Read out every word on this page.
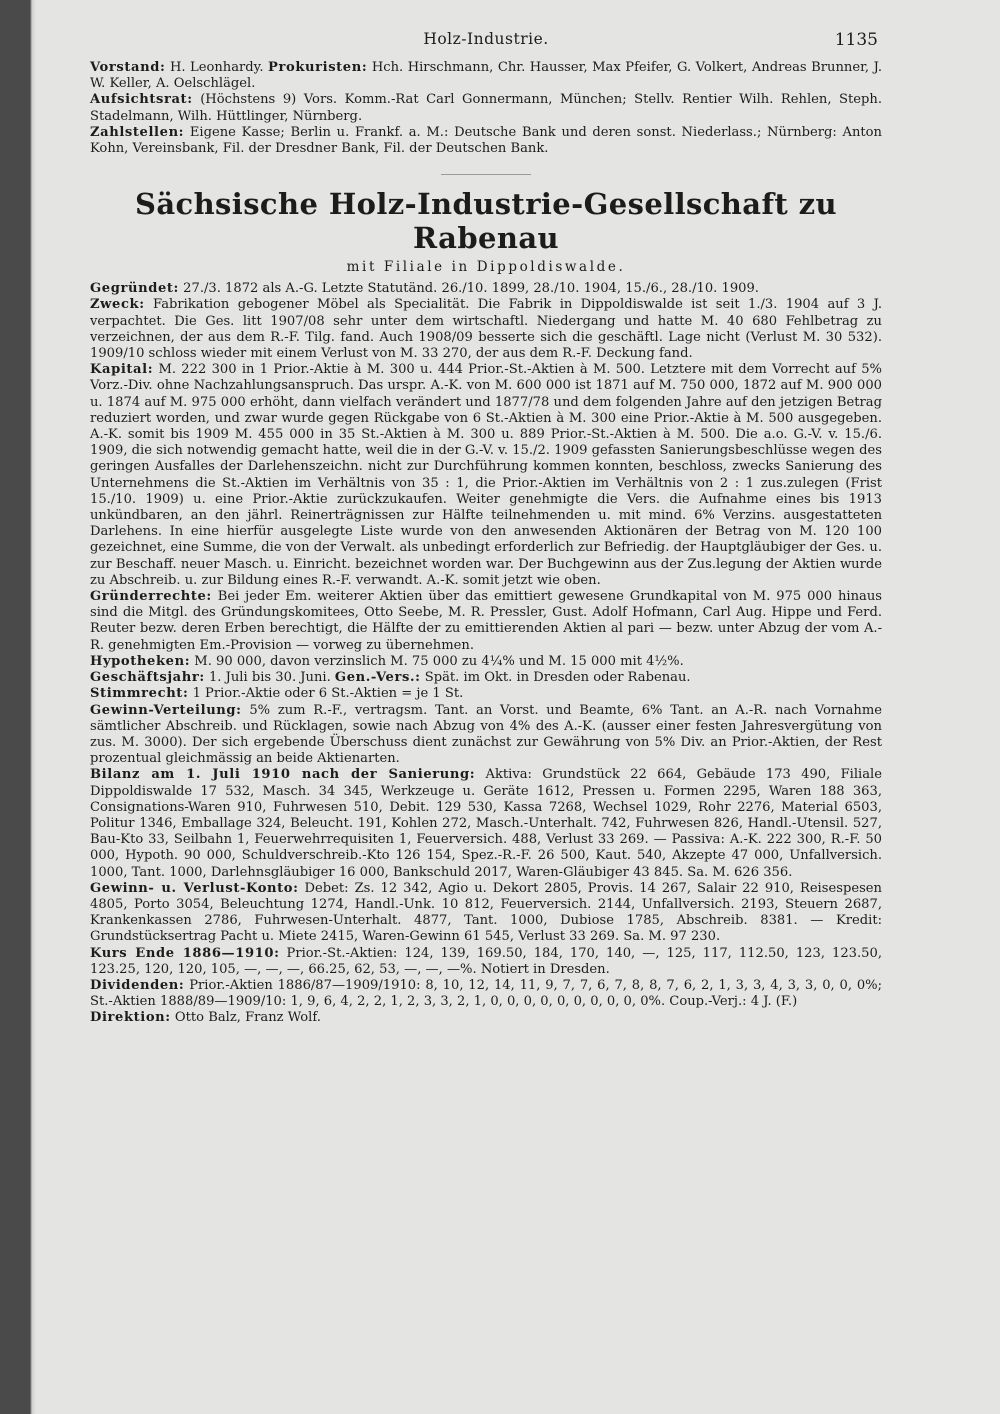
Holz-Industrie.	1135

Vorstand: H. Leonhardy. Prokuristen: Hch. Hirschmann, Chr. Hausser, Max Pfeifer, G. Volkert, Andreas Brunner, J. W. Keller, A. Oelschlägel.

Aufsichtsrat: (Höchstens 9) Vors. Komm.-Rat Carl Gonnermann, München; Stellv. Rentier Wilh. Rehlen, Steph. Stadelmann, Wilh. Hüttlinger, Nürnberg.

Zahlstellen: Eigene Kasse; Berlin u. Frankf. a. M.: Deutsche Bank und deren sonst. Niederlass.; Nürnberg: Anton Kohn, Vereinsbank, Fil. der Dresdner Bank, Fil. der Deutschen Bank.

Sächsische Holz-Industrie-Gesellschaft zu Rabenau
mit Filiale in Dippoldiswalde.

Gegründet: 27./3. 1872 als A.-G. Letzte Statutänd. 26./10. 1899, 28./10. 1904, 15./6., 28./10. 1909.

Zweck: Fabrikation gebogener Möbel als Specialität. Die Fabrik in Dippoldiswalde ist seit 1./3. 1904 auf 3 J. verpachtet. Die Ges. litt 1907/08 sehr unter dem wirtschaftl. Niedergang und hatte M. 40 680 Fehlbetrag zu verzeichnen, der aus dem R.-F. Tilg. fand. Auch 1908/09 besserte sich die geschäftl. Lage nicht (Verlust M. 30 532). 1909/10 schloss wieder mit einem Verlust von M. 33 270, der aus dem R.-F. Deckung fand.

Kapital: M. 222 300 in 1 Prior.-Aktie à M. 300 u. 444 Prior.-St.-Aktien à M. 500. Letztere mit dem Vorrecht auf 5% Vorz.-Div. ohne Nachzahlungsanspruch. Das urspr. A.-K. von M. 600 000 ist 1871 auf M. 750 000, 1872 auf M. 900 000 u. 1874 auf M. 975 000 erhöht, dann vielfach verändert und 1877/78 und dem folgenden Jahre auf den jetzigen Betrag reduziert worden, und zwar wurde gegen Rückgabe von 6 St.-Aktien à M. 300 eine Prior.-Aktie à M. 500 ausgegeben. A.-K. somit bis 1909 M. 455 000 in 35 St.-Aktien à M. 300 u. 889 Prior.-St.-Aktien à M. 500. Die a.o. G.-V. v. 15./6. 1909, die sich notwendig gemacht hatte, weil die in der G.-V. v. 15./2. 1909 gefassten Sanierungsbeschlüsse wegen des geringen Ausfalles der Darlehenszeichn. nicht zur Durchführung kommen konnten, beschloss, zwecks Sanierung des Unternehmens die St.-Aktien im Verhältnis von 35 : 1, die Prior.-Aktien im Verhältnis von 2 : 1 zus.zulegen (Frist 15./10. 1909) u. eine Prior.-Aktie zurückzukaufen. Weiter genehmigte die Vers. die Aufnahme eines bis 1913 unkündbaren, an den jährl. Reinerträgnissen zur Hälfte teilnehmenden u. mit mind. 6% Verzins. ausgestatteten Darlehens. In eine hierfür ausgelegte Liste wurde von den anwesenden Aktionären der Betrag von M. 120 100 gezeichnet, eine Summe, die von der Verwalt. als unbedingt erforderlich zur Befriedig. der Hauptgläubiger der Ges. u. zur Beschaff. neuer Masch. u. Einricht. bezeichnet worden war. Der Buchgewinn aus der Zus.legung der Aktien wurde zu Abschreib. u. zur Bildung eines R.-F. verwandt. A.-K. somit jetzt wie oben.

Gründerrechte: Bei jeder Em. weiterer Aktien über das emittiert gewesene Grundkapital von M. 975 000 hinaus sind die Mitgl. des Gründungskomitees, Otto Seebe, M. R. Pressler, Gust. Adolf Hofmann, Carl Aug. Hippe und Ferd. Reuter bezw. deren Erben berechtigt, die Hälfte der zu emittierenden Aktien al pari — bezw. unter Abzug der vom A.-R. genehmigten Em.-Provision — vorweg zu übernehmen.

Hypotheken: M. 90 000, davon verzinslich M. 75 000 zu 4¼% und M. 15 000 mit 4½%.

Geschäftsjahr: 1. Juli bis 30. Juni. Gen.-Vers.: Spät. im Okt. in Dresden oder Rabenau.

Stimmrecht: 1 Prior.-Aktie oder 6 St.-Aktien = je 1 St.

Gewinn-Verteilung: 5% zum R.-F., vertragsm. Tant. an Vorst. und Beamte, 6% Tant. an A.-R. nach Vornahme sämtlicher Abschreib. und Rücklagen, sowie nach Abzug von 4% des A.-K. (ausser einer festen Jahresvergütung von zus. M. 3000). Der sich ergebende Überschuss dient zunächst zur Gewährung von 5% Div. an Prior.-Aktien, der Rest prozentual gleichmässig an beide Aktienarten.

Bilanz am 1. Juli 1910 nach der Sanierung: Aktiva: Grundstück 22 664, Gebäude 173 490, Filiale Dippoldiswalde 17 532, Masch. 34 345, Werkzeuge u. Geräte 1612, Pressen u. Formen 2295, Waren 188 363, Consignations-Waren 910, Fuhrwesen 510, Debit. 129 530, Kassa 7268, Wechsel 1029, Rohr 2276, Material 6503, Politur 1346, Emballage 324, Beleucht. 191, Kohlen 272, Masch.-Unterhalt. 742, Fuhrwesen 826, Handl.-Utensil. 527, Bau-Kto 33, Seilbahn 1, Feuerwehrrequisiten 1, Feuerversich. 488, Verlust 33 269. — Passiva: A.-K. 222 300, R.-F. 50 000, Hypoth. 90 000, Schuldverschreib.-Kto 126 154, Spez.-R.-F. 26 500, Kaut. 540, Akzepte 47 000, Unfallversich. 1000, Tant. 1000, Darlehnsgläubiger 16 000, Bankschuld 2017, Waren-Gläubiger 43 845. Sa. M. 626 356.

Gewinn- u. Verlust-Konto: Debet: Zs. 12 342, Agio u. Dekort 2805, Provis. 14 267, Salair 22 910, Reisespesen 4805, Porto 3054, Beleuchtung 1274, Handl.-Unk. 10 812, Feuerversich. 2144, Unfallversich. 2193, Steuern 2687, Krankenkassen 2786, Fuhrwesen-Unterhalt. 4877, Tant. 1000, Dubiose 1785, Abschreib. 8381. — Kredit: Grundstücksertrag Pacht u. Miete 2415, Waren-Gewinn 61 545, Verlust 33 269. Sa. M. 97 230.

Kurs Ende 1886—1910: Prior.-St.-Aktien: 124, 139, 169.50, 184, 170, 140, —, 125, 117, 112.50, 123, 123.50, 123.25, 120, 120, 105, —, —, —, 66.25, 62, 53, —, —, —%. Notiert in Dresden.

Dividenden: Prior.-Aktien 1886/87—1909/1910: 8, 10, 12, 14, 11, 9, 7, 7, 6, 7, 8, 8, 7, 6, 2, 1, 3, 3, 4, 3, 3, 0, 0, 0%; St.-Aktien 1888/89—1909/10: 1, 9, 6, 4, 2, 2, 1, 2, 3, 3, 2, 1, 0, 0, 0, 0, 0, 0, 0, 0, 0, 0%. Coup.-Verj.: 4 J. (F.)

Direktion: Otto Balz, Franz Wolf.
